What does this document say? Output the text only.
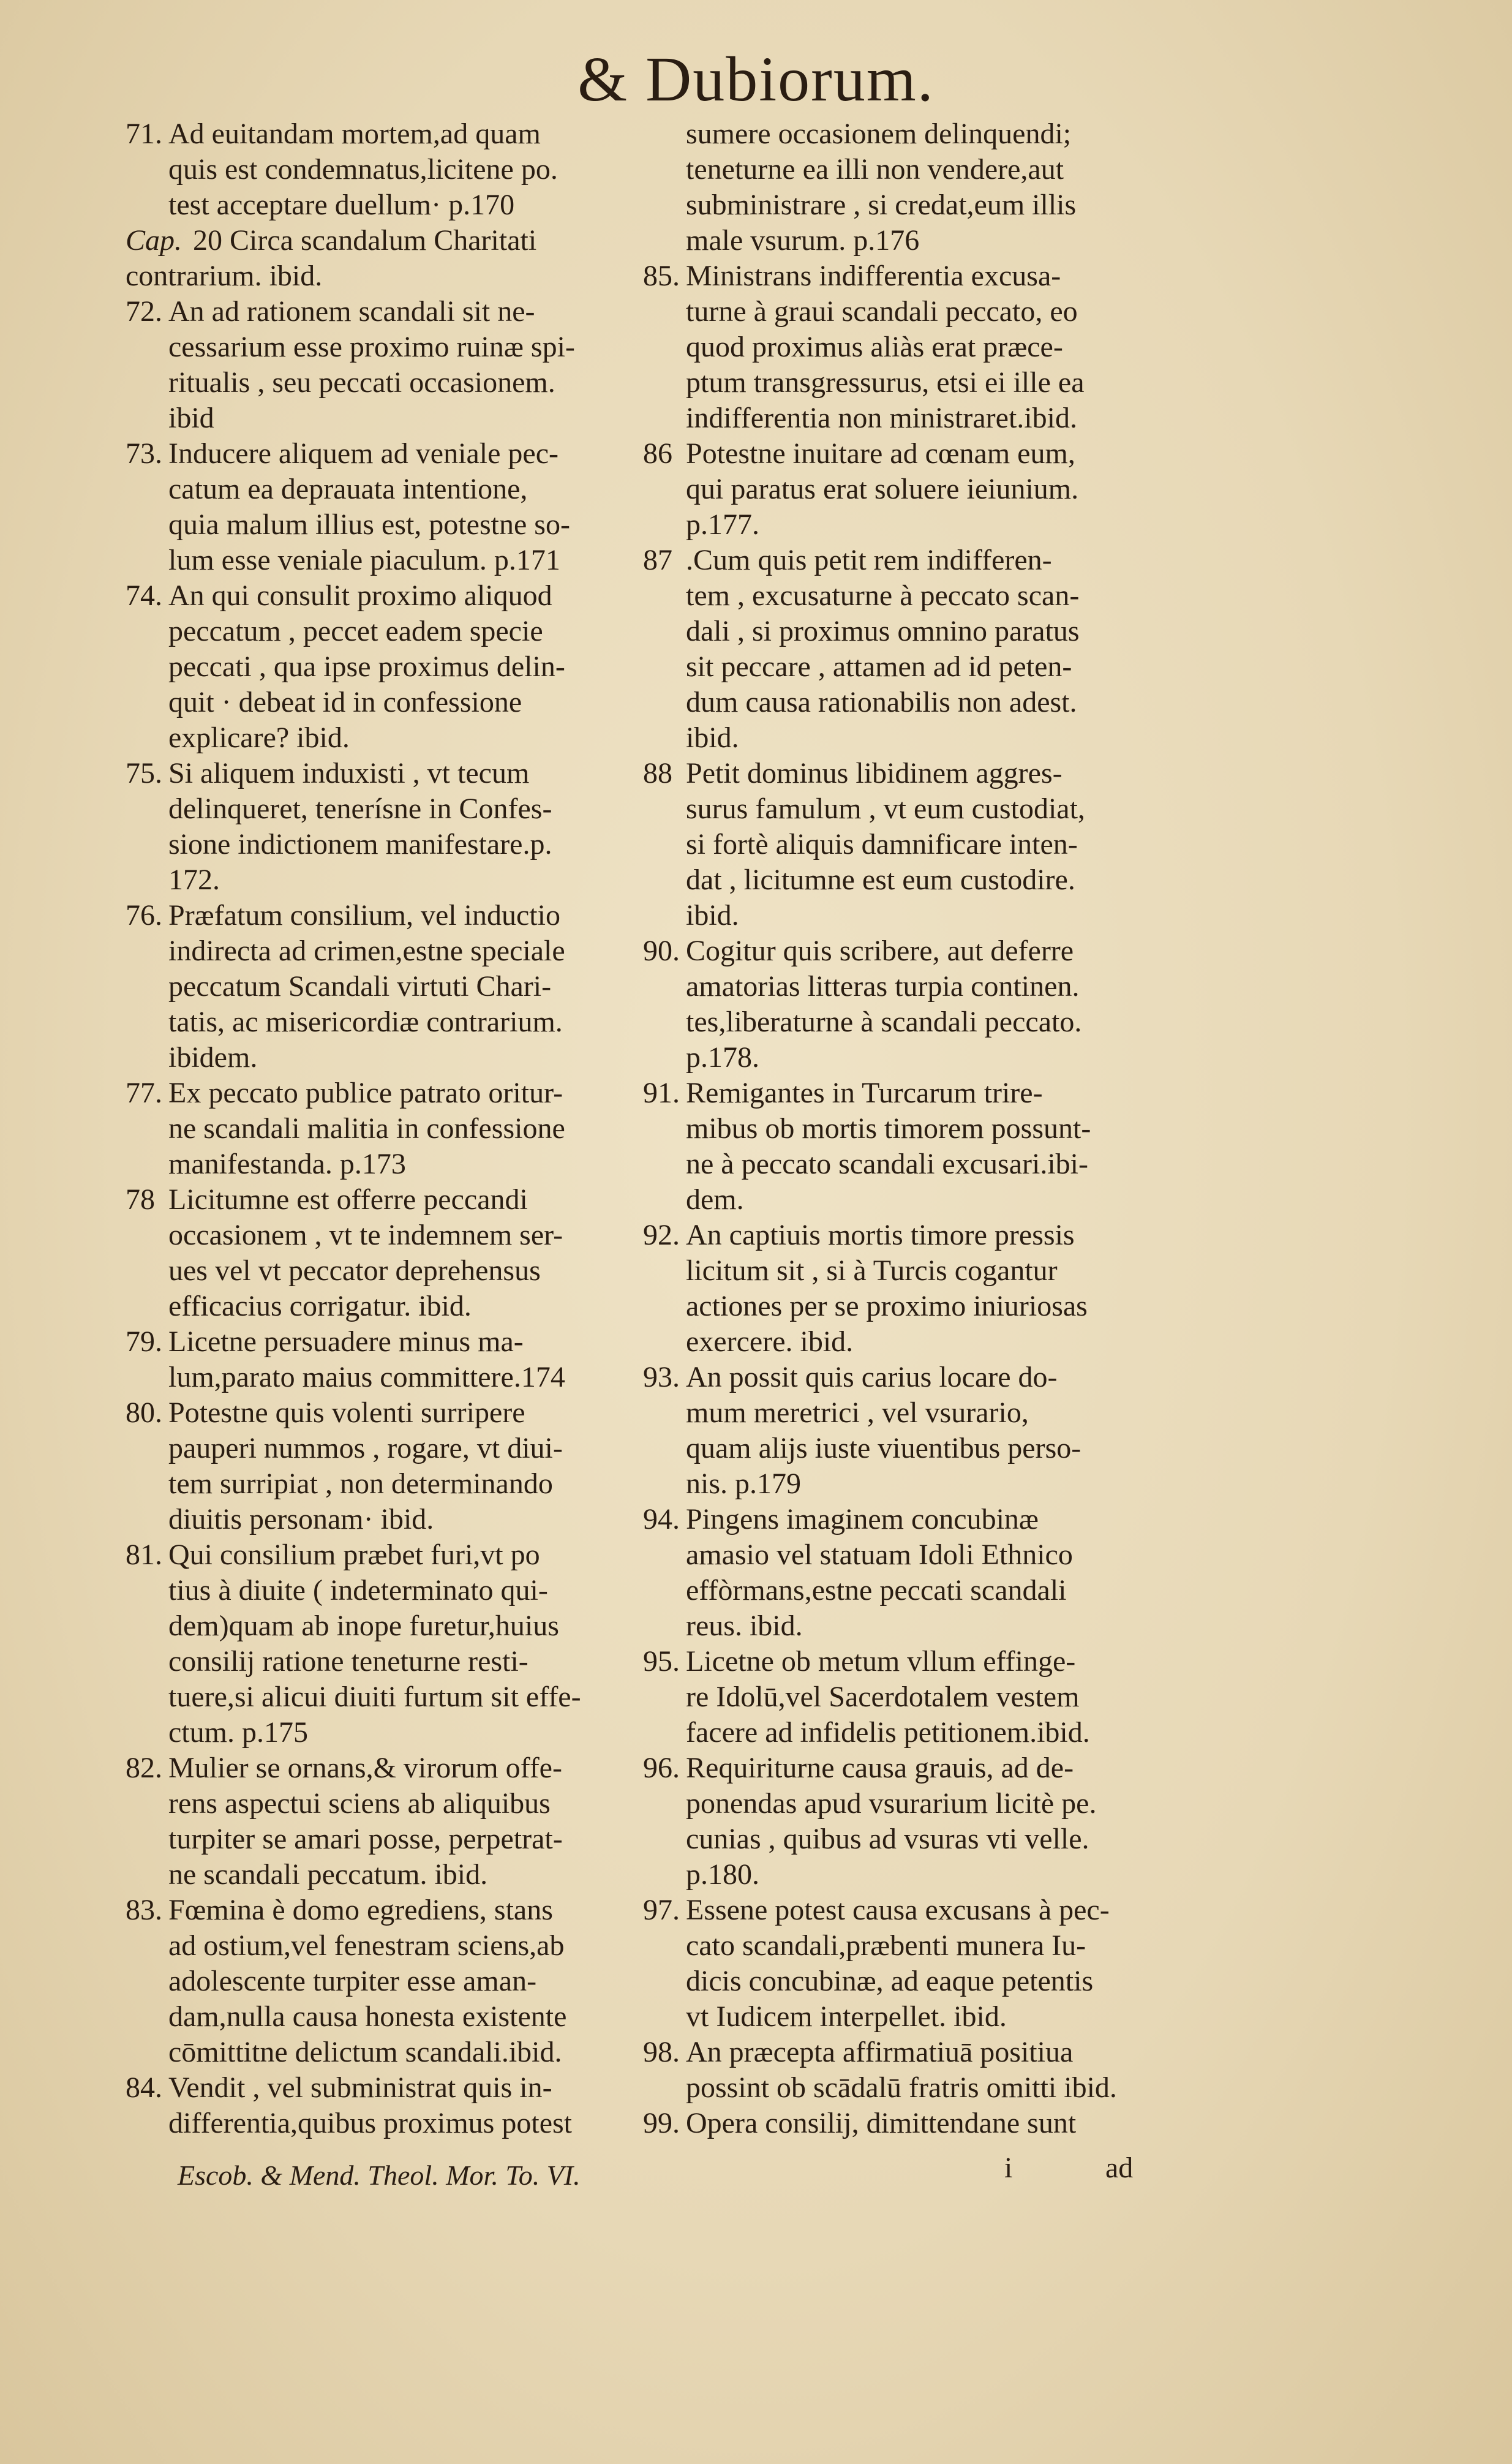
& Dubiorum.
71. Ad euitandam mortem,ad quam
quis est condemnatus,licitene po.
test acceptare duellum· p.170
Cap. 20 Circa scandalum Charitati
contrarium. ibid.
72. An ad rationem scandali sit ne-
cessarium esse proximo ruinæ spi-
ritualis , seu peccati occasionem.
ibid
73. Inducere aliquem ad veniale pec-
catum ea deprauata intentione,
quia malum illius est, potestne so-
lum esse veniale piaculum. p.171
74. An qui consulit proximo aliquod
peccatum , peccet eadem specie
peccati , qua ipse proximus delin-
quit · debeat id in confessione
explicare? ibid.
75. Si aliquem induxisti , vt tecum
delinqueret, tenerísne in Confes-
sione indictionem manifestare.p.
172.
76. Præfatum consilium, vel inductio
indirecta ad crimen,estne speciale
peccatum Scandali virtuti Chari-
tatis, ac misericordiæ contrarium.
ibidem.
77. Ex peccato publice patrato oritur-
ne scandali malitia in confessione
manifestanda. p.173
78 Licitumne est offerre peccandi
occasionem , vt te indemnem ser-
ues vel vt peccator deprehensus
efficacius corrigatur. ibid.
79. Licetne persuadere minus ma-
lum,parato maius committere.174
80. Potestne quis volenti surripere
pauperi nummos , rogare, vt diui-
tem surripiat , non determinando
diuitis personam· ibid.
81. Qui consilium præbet furi,vt po
tius à diuite ( indeterminato qui-
dem)quam ab inope furetur,huius
consilij ratione teneturne resti-
tuere,si alicui diuiti furtum sit effe-
ctum. p.175
82. Mulier se ornans,& virorum offe-
rens aspectui sciens ab aliquibus
turpiter se amari posse, perpetrat-
ne scandali peccatum. ibid.
83. Fœmina è domo egrediens, stans
ad ostium,vel fenestram sciens,ab
adolescente turpiter esse aman-
dam,nulla causa honesta existente
cōmittitne delictum scandali.ibid.
84. Vendit , vel subministrat quis in-
differentia,quibus proximus potest
sumere occasionem delinquendi;
teneturne ea illi non vendere,aut
subministrare , si credat,eum illis
male vsurum. p.176
85. Ministrans indifferentia excusa-
turne à graui scandali peccato, eo
quod proximus aliàs erat præce-
ptum transgressurus, etsi ei ille ea
indifferentia non ministraret.ibid.
86 Potestne inuitare ad cœnam eum,
qui paratus erat soluere ieiunium.
p.177.
87 .Cum quis petit rem indifferen-
tem , excusaturne à peccato scan-
dali , si proximus omnino paratus
sit peccare , attamen ad id peten-
dum causa rationabilis non adest.
ibid.
88 Petit dominus libidinem aggres-
surus famulum , vt eum custodiat,
si fortè aliquis damnificare inten-
dat , licitumne est eum custodire.
ibid.
90. Cogitur quis scribere, aut deferre
amatorias litteras turpia continen.
tes,liberaturne à scandali peccato.
p.178.
91. Remigantes in Turcarum trire-
mibus ob mortis timorem possunt-
ne à peccato scandali excusari.ibi-
dem.
92. An captiuis mortis timore pressis
licitum sit , si à Turcis cogantur
actiones per se proximo iniuriosas
exercere. ibid.
93. An possit quis carius locare do-
mum meretrici , vel vsurario,
quam alijs iuste viuentibus perso-
nis. p.179
94. Pingens imaginem concubinæ
amasio vel statuam Idoli Ethnico
effòrmans,estne peccati scandali
reus. ibid.
95. Licetne ob metum vllum effinge-
re Idolū,vel Sacerdotalem vestem
facere ad infidelis petitionem.ibid.
96. Requiriturne causa grauis, ad de-
ponendas apud vsurarium licitè pe.
cunias , quibus ad vsuras vti velle.
p.180.
97. Essene potest causa excusans à pec-
cato scandali,præbenti munera Iu-
dicis concubinæ, ad eaque petentis
vt Iudicem interpellet. ibid.
98. An præcepta affirmatiuā positiua
possint ob scādalū fratris omitti ibid.
99. Opera consilij, dimittendane sunt
Escob. & Mend. Theol. Mor. To. VI.	i	ad
